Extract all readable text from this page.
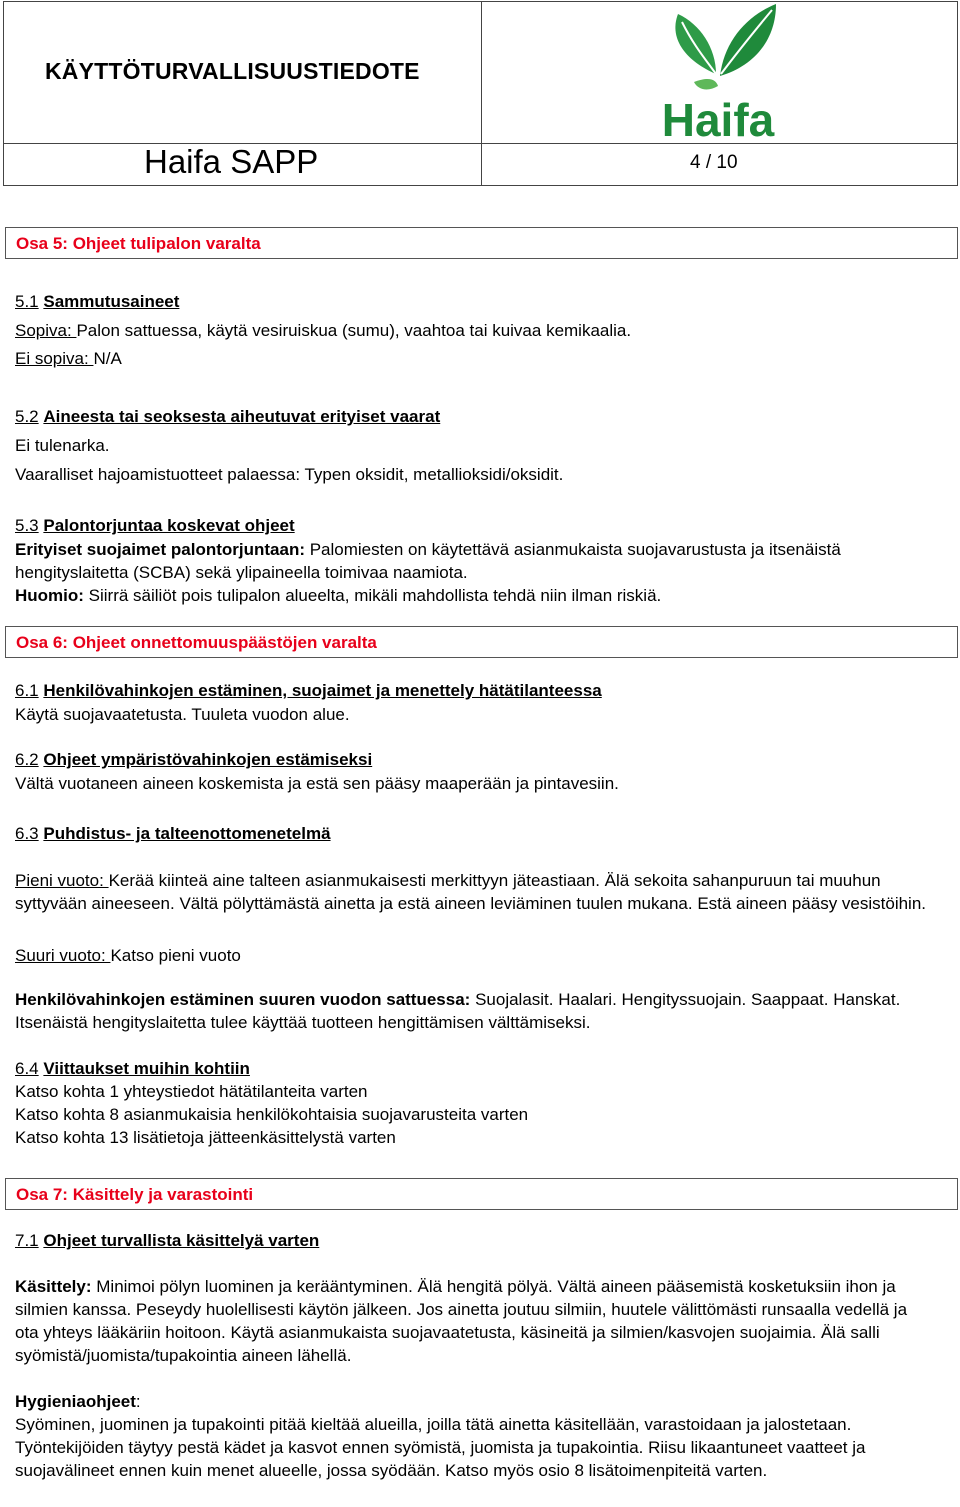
KÄYTTÖTURVALLISUUSTIEDOTE
Haifa SAPP	4 / 10
Haifa
Osa 5: Ohjeet tulipalon varalta
5.1 Sammutusaineet
Sopiva: Palon sattuessa, käytä vesiruiskua (sumu), vaahtoa tai kuivaa kemikaalia.
Ei sopiva: N/A
5.2 Aineesta tai seoksesta aiheutuvat erityiset vaarat
Ei tulenarka.
Vaaralliset hajoamistuotteet palaessa: Typen oksidit, metallioksidi/oksidit.
5.3 Palontorjuntaa koskevat ohjeet
Erityiset suojaimet palontorjuntaan: Palomiesten on käytettävä asianmukaista suojavarustusta ja itsenäistä hengityslaitetta (SCBA) sekä ylipaineella toimivaa naamiota.
Huomio: Siirrä säiliöt pois tulipalon alueelta, mikäli mahdollista tehdä niin ilman riskiä.
Osa 6: Ohjeet onnettomuuspäästöjen varalta
6.1 Henkilövahinkojen estäminen, suojaimet ja menettely hätätilanteessa
Käytä suojavaatetusta. Tuuleta vuodon alue.
6.2 Ohjeet ympäristövahinkojen estämiseksi
Vältä vuotaneen aineen koskemista ja estä sen pääsy maaperään ja pintavesiin.
6.3 Puhdistus- ja talteenottomenetelmä
Pieni vuoto: Kerää kiinteä aine talteen asianmukaisesti merkittyyn jäteastiaan. Älä sekoita sahanpuruun tai muuhun syttyvään aineeseen. Vältä pölyttämästä ainetta ja estä aineen leviäminen tuulen mukana. Estä aineen pääsy vesistöihin.
Suuri vuoto: Katso pieni vuoto
Henkilövahinkojen estäminen suuren vuodon sattuessa: Suojalasit. Haalari. Hengityssuojain. Saappaat. Hanskat. Itsenäistä hengityslaitetta tulee käyttää tuotteen hengittämisen välttämiseksi.
6.4 Viittaukset muihin kohtiin
Katso kohta 1 yhteystiedot hätätilanteita varten
Katso kohta 8 asianmukaisia henkilökohtaisia suojavarusteita varten
Katso kohta 13 lisätietoja jätteenkäsittelystä varten
Osa 7: Käsittely ja varastointi
7.1 Ohjeet turvallista käsittelyä varten
Käsittely: Minimoi pölyn luominen ja kerääntyminen. Älä hengitä pölyä. Vältä aineen pääsemistä kosketuksiin ihon ja silmien kanssa. Peseydy huolellisesti käytön jälkeen. Jos ainetta joutuu silmiin, huutele välittömästi runsaalla vedellä ja ota yhteys lääkäriin hoitoon. Käytä asianmukaista suojavaatetusta, käsineitä ja silmien/kasvojen suojaimia. Älä salli syömistä/juomista/tupakointia aineen lähellä.
Hygieniaohjeet:
Syöminen, juominen ja tupakointi pitää kieltää alueilla, joilla tätä ainetta käsitellään, varastoidaan ja jalostetaan. Työntekijöiden täytyy pestä kädet ja kasvot ennen syömistä, juomista ja tupakointia. Riisu likaantuneet vaatteet ja suojavälineet ennen kuin menet alueelle, jossa syödään. Katso myös osio 8 lisätoimenpiteitä varten.
